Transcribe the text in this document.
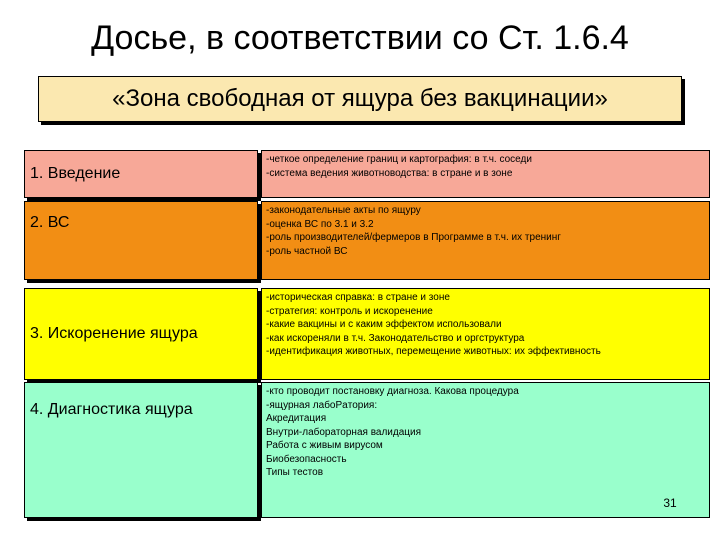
Досье, в соответствии со Ст. 1.6.4
«Зона свободная от ящура без вакцинации»
1. Введение
-четкое определение границ и картография: в т.ч. соседи
-система ведения животноводства: в стране и в зоне
2. ВС
-законодательные акты по ящуру
-оценка ВС по 3.1 и 3.2
-роль производителей/фермеров в Программе в т.ч. их тренинг
-роль частной ВС
3. Искоренение ящура
-историческая справка: в стране и зоне
-стратегия: контроль и искоренение
-какие вакцины и с каким эффектом использовали
-как искореняли в т.ч. Законодательство и оргструктура
-идентификация животных, перемещение животных: их эффективность
4. Диагностика ящура
-кто проводит постановку диагноза. Какова процедура
-ящурная лабоPaтория:
Акредитация
Внутри-лабораторная валидация
Работа с живым вирусом
Биобезопасность
Типы тестов
31
